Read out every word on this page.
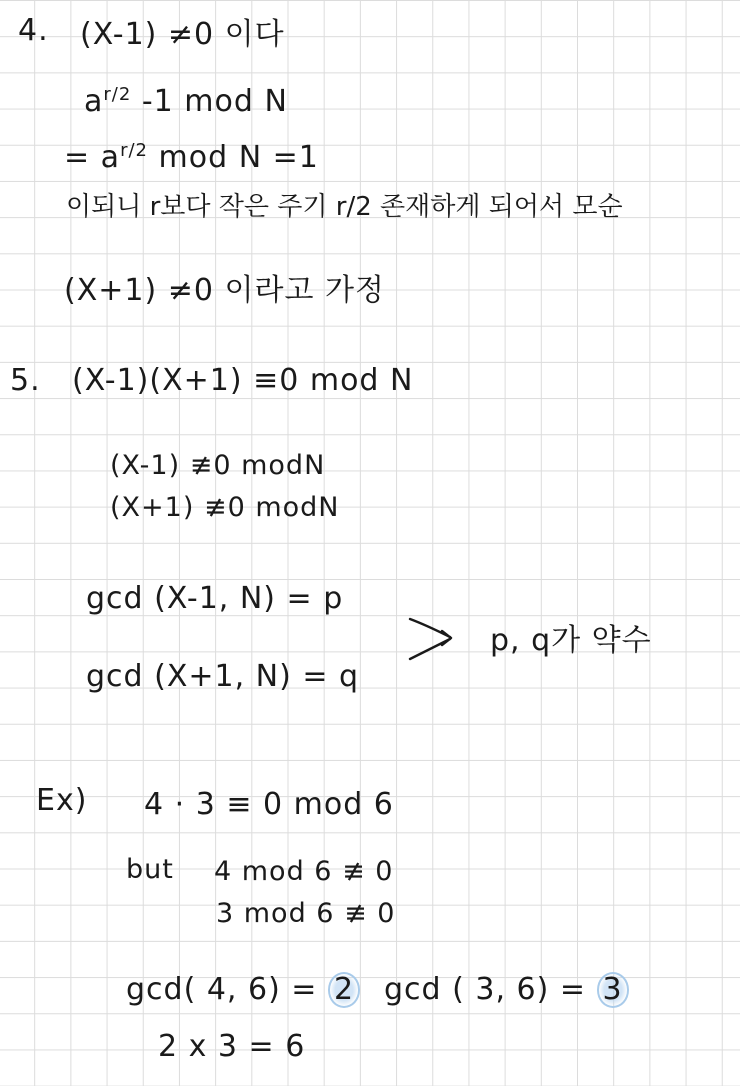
4. (X-1) ≠0 이다
$a^{r/2}$ -1 mod N
= $a^{r/2}$ mod N =1
이되니 r보다 작은 주기 r/2 존재하게 되어서 모순
(X+1) ≠0 이라고 가정
5. (X-1)(X+1) ≡0 mod N
(X-1) ≢0 modN
(X+1) ≢0 modN
gcd (X-1, N) = p
gcd (X+1, N) = q
p, q가 약수
Ex) 4 · 3 ≡ 0 mod 6
but 4 mod 6 ≢ 0
3 mod 6 ≢ 0
gcd( 4, 6) = 2 gcd ( 3, 6) = 3
2 x 3 = 6
